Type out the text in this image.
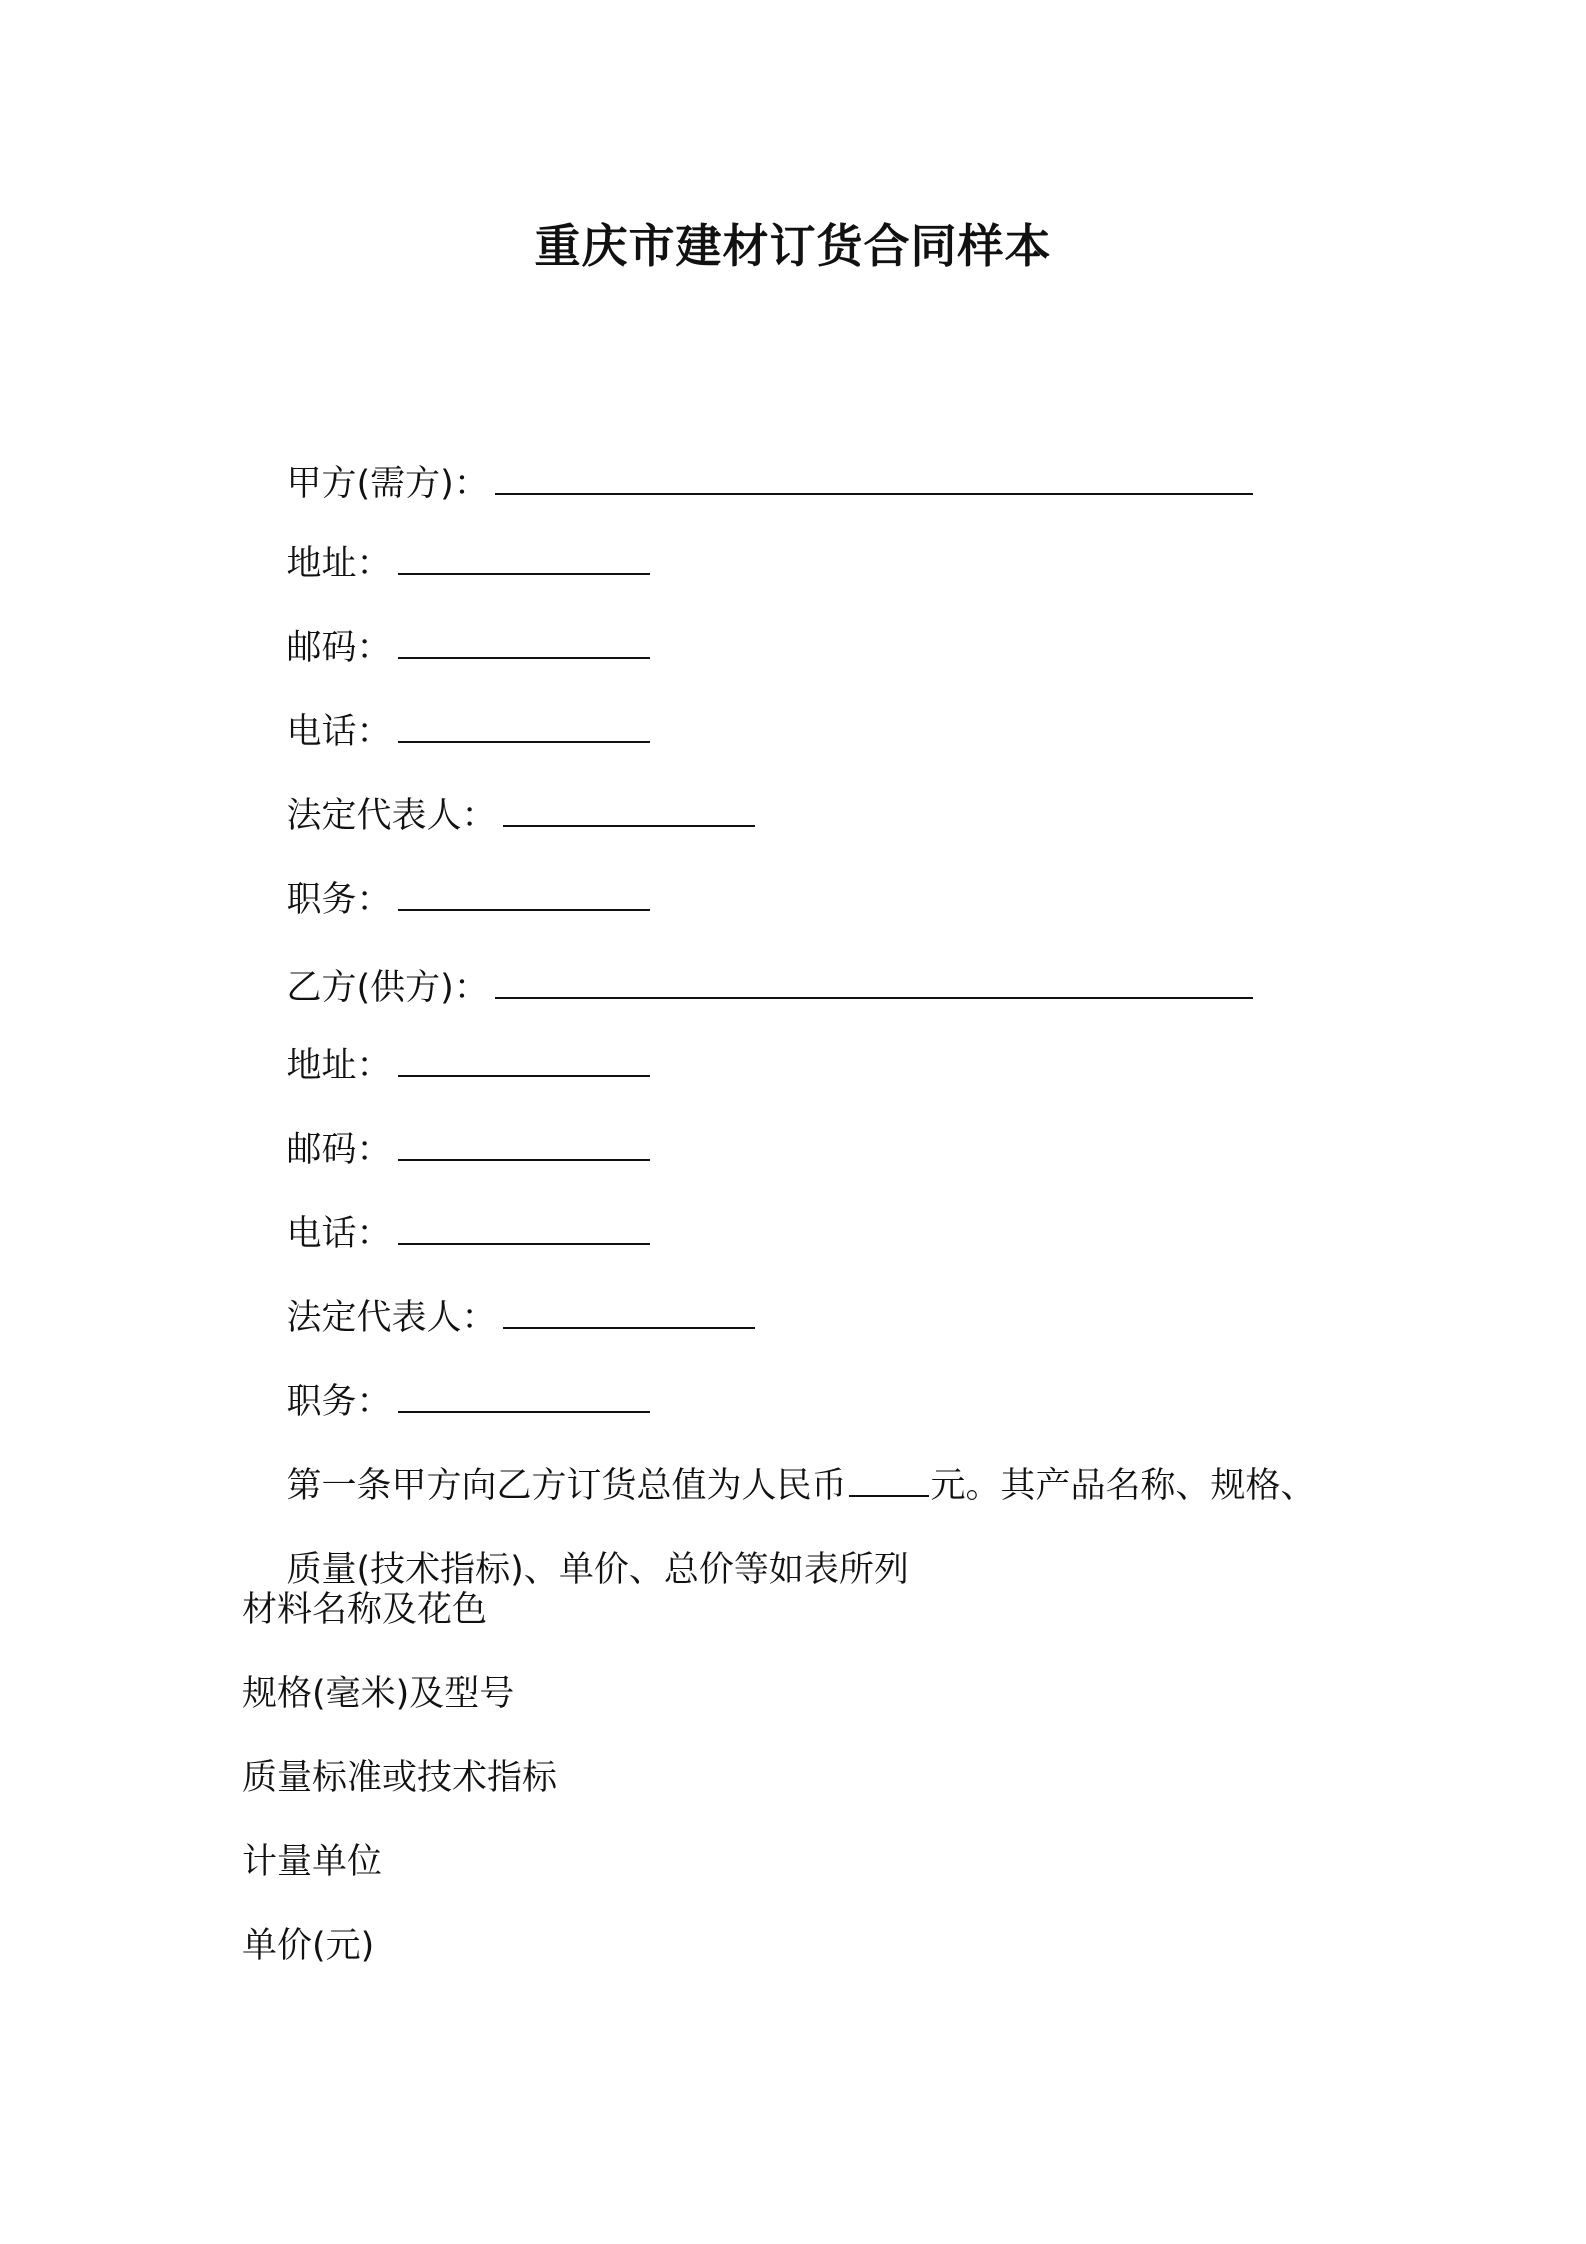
重庆市建材订货合同样本

甲方(需方)：

地址：

邮码：

电话：

法定代表人：

职务：

乙方(供方)：

地址：

邮码：

电话：

法定代表人：

职务：

第一条甲方向乙方订货总值为人民币 元。其产品名称、规格、

质量(技术指标)、单价、总价等如表所列

材料名称及花色
规格(毫米)及型号
质量标准或技术指标
计量单位
单价(元)
